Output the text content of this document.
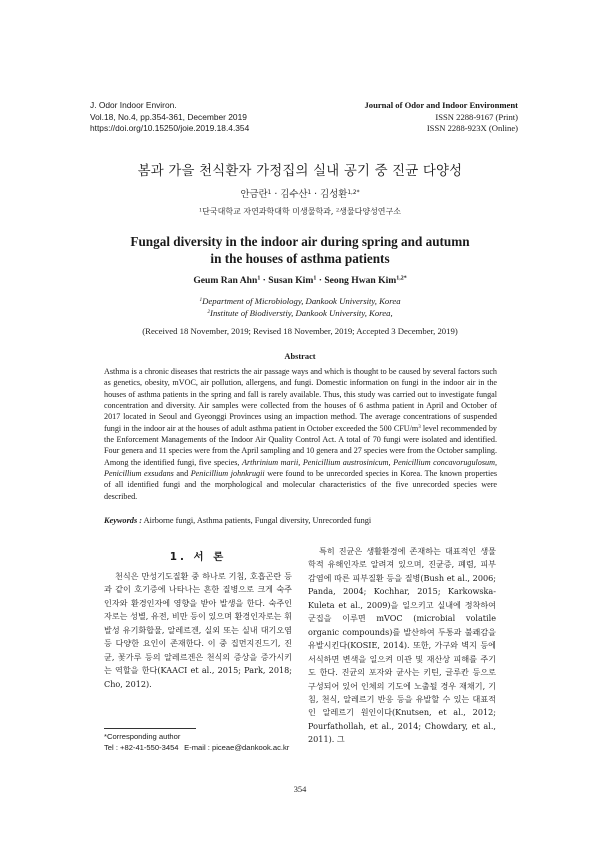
J. Odor Indoor Environ.
Vol.18, No.4, pp.354-361, December 2019
https://doi.org/10.15250/joie.2019.18.4.354
Journal of Odor and Indoor Environment
ISSN 2288-9167 (Print)
ISSN 2288-923X (Online)
봄과 가을 천식환자 가정집의 실내 공기 중 진균 다양성
안금란$^1$ · 김수산$^1$ · 김성환$^{1,2*}$
$^1$단국대학교 자연과학대학 미생물학과, $^2$생물다양성연구소
Fungal diversity in the indoor air during spring and autumn
in the houses of asthma patients
Geum Ran Ahn$^1$ · Susan Kim$^1$ · Seong Hwan Kim$^{1,2*}$
$^1$Department of Microbiology, Dankook University, Korea
$^2$Institute of Biodiverstiy, Dankook University, Korea,
(Received 18 November, 2019; Revised 18 November, 2019; Accepted 3 December, 2019)
Abstract
Asthma is a chronic diseases that restricts the air passage ways and which is thought to be caused by several factors such as genetics, obesity, mVOC, air pollution, allergens, and fungi. Domestic information on fungi in the indoor air in the houses of asthma patients in the spring and fall is rarely available. Thus, this study was carried out to investigate fungal concentration and diversity. Air samples were collected from the houses of 6 asthma patient in April and October of 2017 located in Seoul and Gyeonggi Provinces using an impaction method. The average concentrations of suspended fungi in the indoor air at the houses of adult asthma patient in October exceeded the 500 CFU/$m^3$ level recommended by the Enforcement Managements of the Indoor Air Quality Control Act. A total of 70 fungi were isolated and identified. Four genera and 11 species were from the April sampling and 10 genera and 27 species were from the October sampling. Among the identified fungi, five species, Arthrinium marii, Penicillium austrosinicum, Penicillium concavorugulosum, Penicillium exsudans and Penicillium johnkrugii were found to be unrecorded species in Korea. The known properties of all identified fungi and the morphological and molecular characteristics of the five unrecorded species were described.
Keywords : Airborne fungi, Asthma patients, Fungal diversity, Unrecorded fungi
1. 서 론

천식은 만성기도질환 중 하나로 기침, 호흡곤란 등과 같이 호기증에 나타나는 흔한 질병으로 크게 숙주인자와 환경인자에 영향을 받아 발생을 한다. 숙주인자로는 성별, 유전, 비만 등이 있으며 환경인자로는 휘발성 유기화합물, 알레르겐, 실외 또는 실내 대기오염 등 다양한 요인이 존재한다. 이 중 집먼지진드기, 진균, 꽃가루 등의 알레르겐은 천식의 증상을 증가시키는 역할을 한다(KAACI et al., 2015; Park, 2018; Cho, 2012).

특히 진균은 생활환경에 존재하는 대표적인 생물학적 유해인자로 알려져 있으며, 진균증, 폐렴, 피부 감염에 따른 피부질환 등을 질병(Bush et al., 2006; Panda, 2004; Kochhar, 2015; Karkowska-Kuleta et al., 2009)을 일으키고 실내에 정착하여 군집을 이루면 mVOC (microbial volatile organic compounds)를 발산하여 두통과 불쾌감을 유발시킨다(KOSIE, 2014). 또한, 가구와 벽지 등에 서식하면 변색을 일으켜 미관 및 재산상 피해를 주기도 한다. 진균의 포자와 균사는 키틴, 글루칸 등으로 구성되어 있어 인체의 기도에 노출될 경우 재채기, 기침, 천식, 알레르기 반응 등을 유발할 수 있는 대표적인 알레르기 원인이다(Knutsen, et al., 2012; Pourfathollah, et al., 2014; Chowdary, et al., 2011). 그

*Corresponding author
Tel : +82-41-550-3454 E-mail : piceae@dankook.ac.kr
354
